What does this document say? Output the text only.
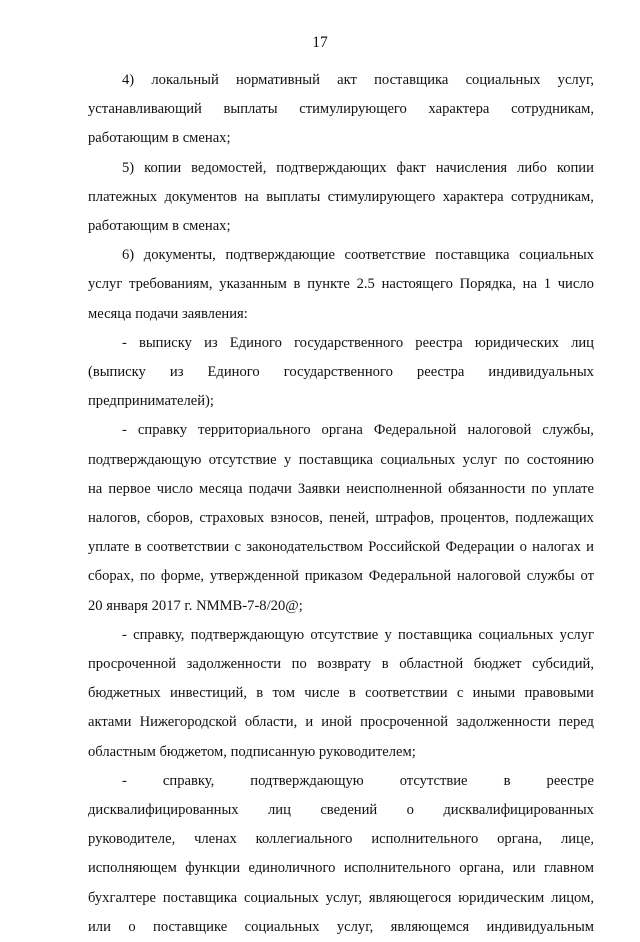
17
4) локальный нормативный акт поставщика социальных услуг,
устанавливающий выплаты стимулирующего характера сотрудникам,
работающим в сменах;
5) копии ведомостей, подтверждающих факт начисления либо копии
платежных документов на выплаты стимулирующего характера сотрудникам,
работающим в сменах;
6) документы, подтверждающие соответствие поставщика социальных
услуг требованиям, указанным в пункте 2.5 настоящего Порядка, на 1 число
месяца подачи заявления:
- выписку из Единого государственного реестра юридических лиц
(выписку из Единого государственного реестра индивидуальных
предпринимателей);
- справку территориального органа Федеральной налоговой службы,
подтверждающую отсутствие у поставщика социальных услуг по состоянию
на первое число месяца подачи Заявки неисполненной обязанности по уплате
налогов, сборов, страховых взносов, пеней, штрафов, процентов, подлежащих
уплате в соответствии с законодательством Российской Федерации о налогах и
сборах, по форме, утвержденной приказом Федеральной налоговой службы от
20 января 2017 г. NММВ-7-8/20@;
- справку, подтверждающую отсутствие у поставщика социальных услуг
просроченной задолженности по возврату в областной бюджет субсидий,
бюджетных инвестиций, в том числе в соответствии с иными правовыми
актами Нижегородской области, и иной просроченной задолженности перед
областным бюджетом, подписанную руководителем;
- справку, подтверждающую отсутствие в реестре
дисквалифицированных лиц сведений о дисквалифицированных
руководителе, членах коллегиального исполнительного органа, лице,
исполняющем функции единоличного исполнительного органа, или главном
бухгалтере поставщика социальных услуг, являющегося юридическим лицом,
или о поставщике социальных услуг, являющемся индивидуальным
